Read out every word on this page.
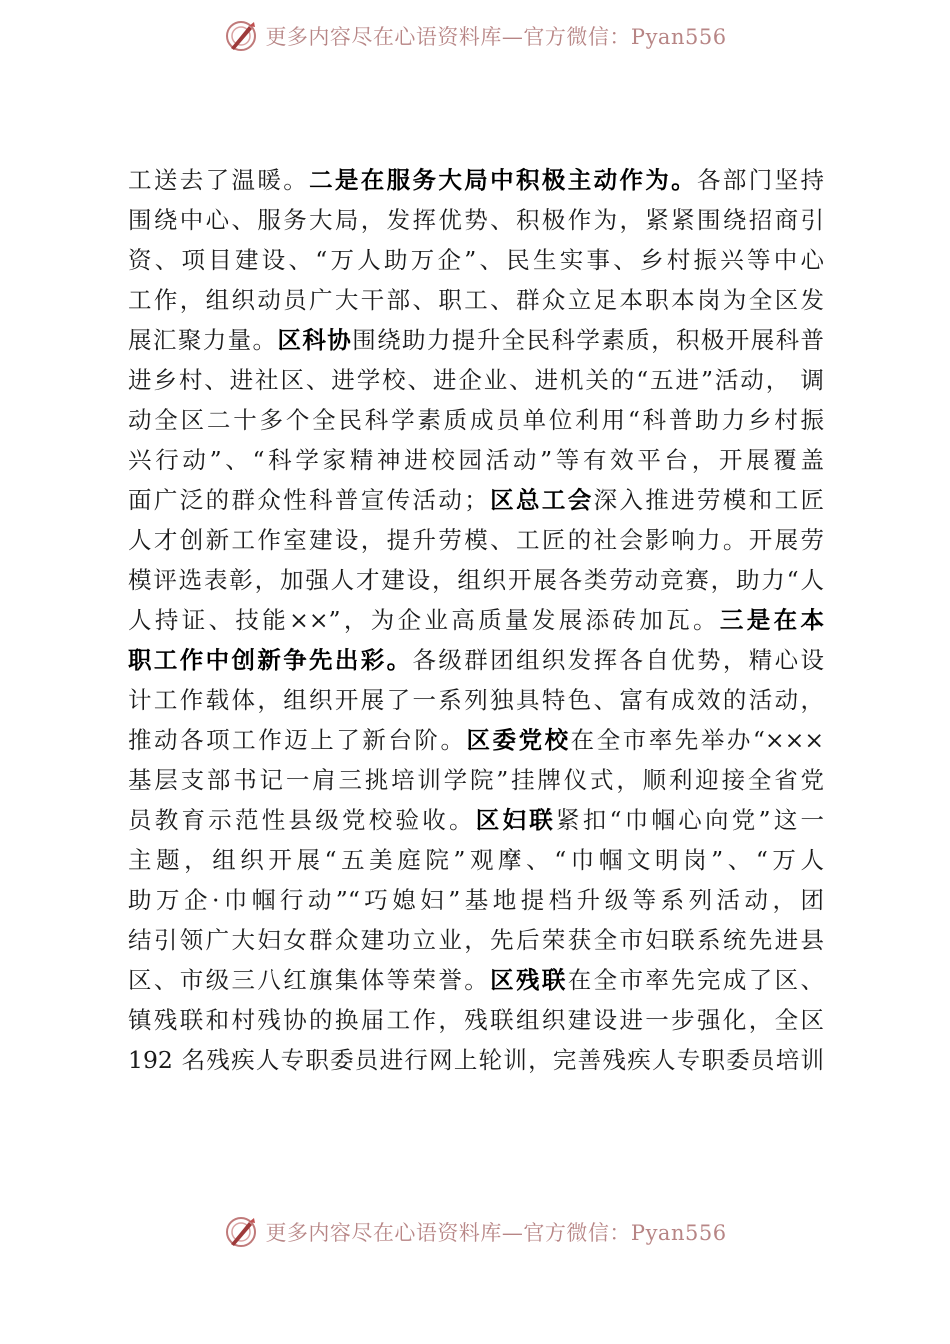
更多内容尽在心语资料库—官方微信：Pyan556
工送去了温暖。二是在服务大局中积极主动作为。各部门坚持
围绕中心、服务大局，发挥优势、积极作为，紧紧围绕招商引
资、项目建设、“万人助万企”、民生实事、乡村振兴等中心
工作，组织动员广大干部、职工、群众立足本职本岗为全区发
展汇聚力量。区科协围绕助力提升全民科学素质，积极开展科普
进乡村、进社区、进学校、进企业、进机关的“五进”活动， 调
动全区二十多个全民科学素质成员单位利用“科普助力乡村振
兴行动”、“科学家精神进校园活动”等有效平台，开展覆盖
面广泛的群众性科普宣传活动；区总工会深入推进劳模和工匠
人才创新工作室建设，提升劳模、工匠的社会影响力。开展劳
模评选表彰，加强人才建设，组织开展各类劳动竞赛，助力“人
人持证、技能××”，为企业高质量发展添砖加瓦。三是在本
职工作中创新争先出彩。各级群团组织发挥各自优势，精心设
计工作载体，组织开展了一系列独具特色、富有成效的活动，
推动各项工作迈上了新台阶。区委党校在全市率先举办“×××
基层支部书记一肩三挑培训学院”挂牌仪式，顺利迎接全省党
员教育示范性县级党校验收。区妇联紧扣“巾帼心向党”这一
主题，组织开展“五美庭院”观摩、“巾帼文明岗”、“万人
助万企·巾帼行动”“巧媳妇”基地提档升级等系列活动，团
结引领广大妇女群众建功立业，先后荣获全市妇联系统先进县
区、市级三八红旗集体等荣誉。区残联在全市率先完成了区、
镇残联和村残协的换届工作，残联组织建设进一步强化，全区
192 名残疾人专职委员进行网上轮训，完善残疾人专职委员培训
更多内容尽在心语资料库—官方微信：Pyan556
